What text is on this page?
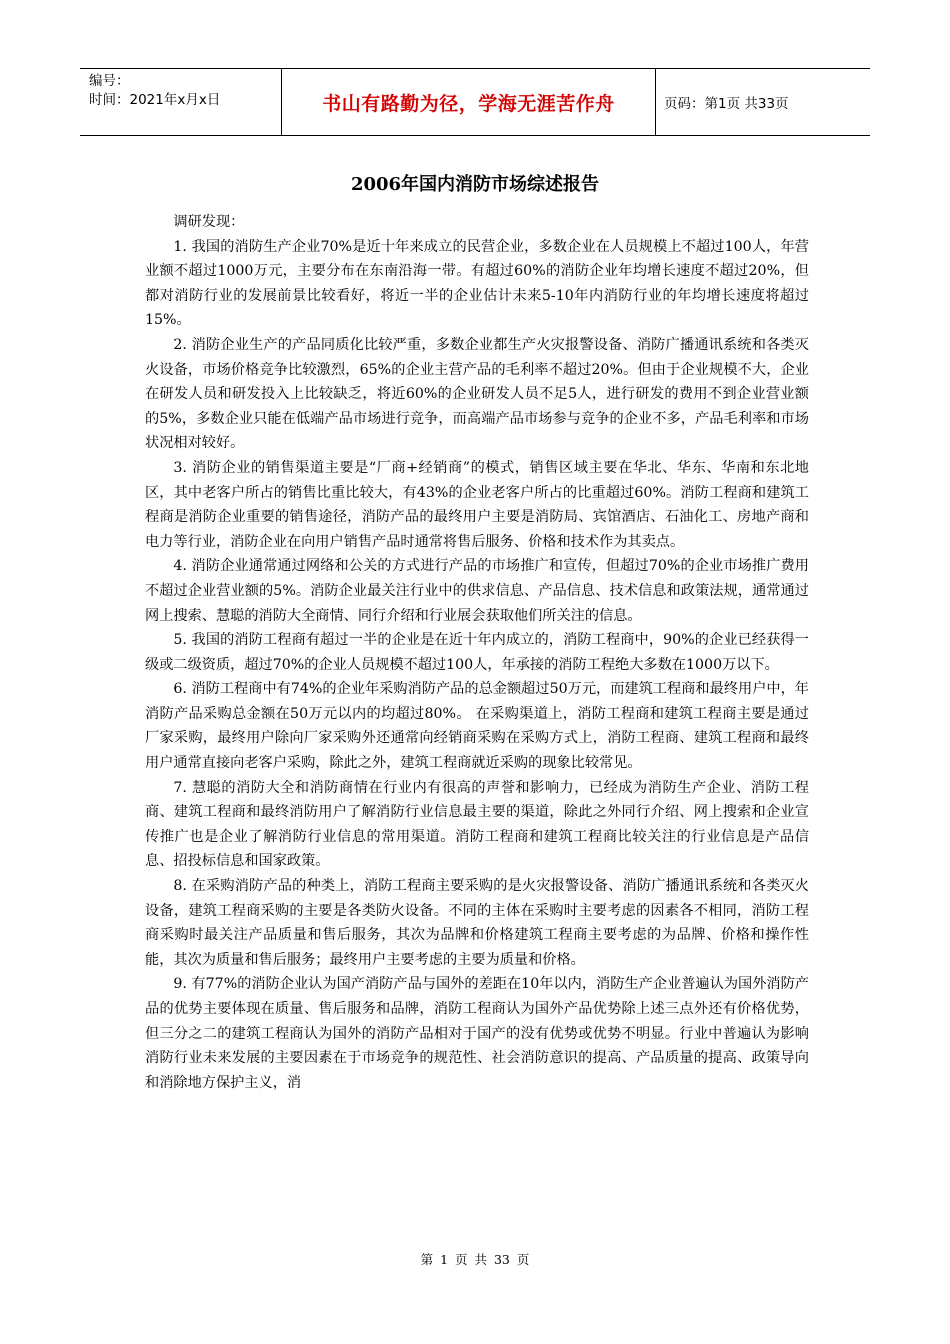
编号：
时间：2021年x月x日	书山有路勤为径，学海无涯苦作舟	页码：第1页 共33页
2006年国内消防市场综述报告

调研发现：

1. 我国的消防生产企业70%是近十年来成立的民营企业，多数企业在人员规模上不超过100人，年营业额不超过1000万元，主要分布在东南沿海一带。有超过60%的消防企业年均增长速度不超过20%，但都对消防行业的发展前景比较看好，将近一半的企业估计未来5-10年内消防行业的年均增长速度将超过15%。

2. 消防企业生产的产品同质化比较严重，多数企业都生产火灾报警设备、消防广播通讯系统和各类灭火设备，市场价格竞争比较激烈，65%的企业主营产品的毛利率不超过20%。但由于企业规模不大，企业在研发人员和研发投入上比较缺乏，将近60%的企业研发人员不足5人，进行研发的费用不到企业营业额的5%，多数企业只能在低端产品市场进行竞争，而高端产品市场参与竞争的企业不多，产品毛利率和市场状况相对较好。

3. 消防企业的销售渠道主要是“厂商+经销商”的模式，销售区域主要在华北、华东、华南和东北地区，其中老客户所占的销售比重比较大，有43%的企业老客户所占的比重超过60%。消防工程商和建筑工程商是消防企业重要的销售途径，消防产品的最终用户主要是消防局、宾馆酒店、石油化工、房地产商和电力等行业，消防企业在向用户销售产品时通常将售后服务、价格和技术作为其卖点。

4. 消防企业通常通过网络和公关的方式进行产品的市场推广和宣传，但超过70%的企业市场推广费用不超过企业营业额的5%。消防企业最关注行业中的供求信息、产品信息、技术信息和政策法规，通常通过网上搜索、慧聪的消防大全商情、同行介绍和行业展会获取他们所关注的信息。

5. 我国的消防工程商有超过一半的企业是在近十年内成立的，消防工程商中，90%的企业已经获得一级或二级资质，超过70%的企业人员规模不超过100人，年承接的消防工程绝大多数在1000万以下。

6. 消防工程商中有74%的企业年采购消防产品的总金额超过50万元，而建筑工程商和最终用户中，年消防产品采购总金额在50万元以内的均超过80%。 在采购渠道上，消防工程商和建筑工程商主要是通过厂家采购，最终用户除向厂家采购外还通常向经销商采购在采购方式上，消防工程商、建筑工程商和最终用户通常直接向老客户采购，除此之外，建筑工程商就近采购的现象比较常见。

7. 慧聪的消防大全和消防商情在行业内有很高的声誉和影响力，已经成为消防生产企业、消防工程商、建筑工程商和最终消防用户了解消防行业信息最主要的渠道，除此之外同行介绍、网上搜索和企业宣传推广也是企业了解消防行业信息的常用渠道。消防工程商和建筑工程商比较关注的行业信息是产品信息、招投标信息和国家政策。

8. 在采购消防产品的种类上，消防工程商主要采购的是火灾报警设备、消防广播通讯系统和各类灭火设备，建筑工程商采购的主要是各类防火设备。不同的主体在采购时主要考虑的因素各不相同，消防工程商采购时最关注产品质量和售后服务，其次为品牌和价格建筑工程商主要考虑的为品牌、价格和操作性能，其次为质量和售后服务；最终用户主要考虑的主要为质量和价格。

9. 有77%的消防企业认为国产消防产品与国外的差距在10年以内，消防生产企业普遍认为国外消防产品的优势主要体现在质量、售后服务和品牌，消防工程商认为国外产品优势除上述三点外还有价格优势，但三分之二的建筑工程商认为国外的消防产品相对于国产的没有优势或优势不明显。行业中普遍认为影响消防行业未来发展的主要因素在于市场竞争的规范性、社会消防意识的提高、产品质量的提高、政策导向和消除地方保护主义，消

第 1 页 共 33 页
